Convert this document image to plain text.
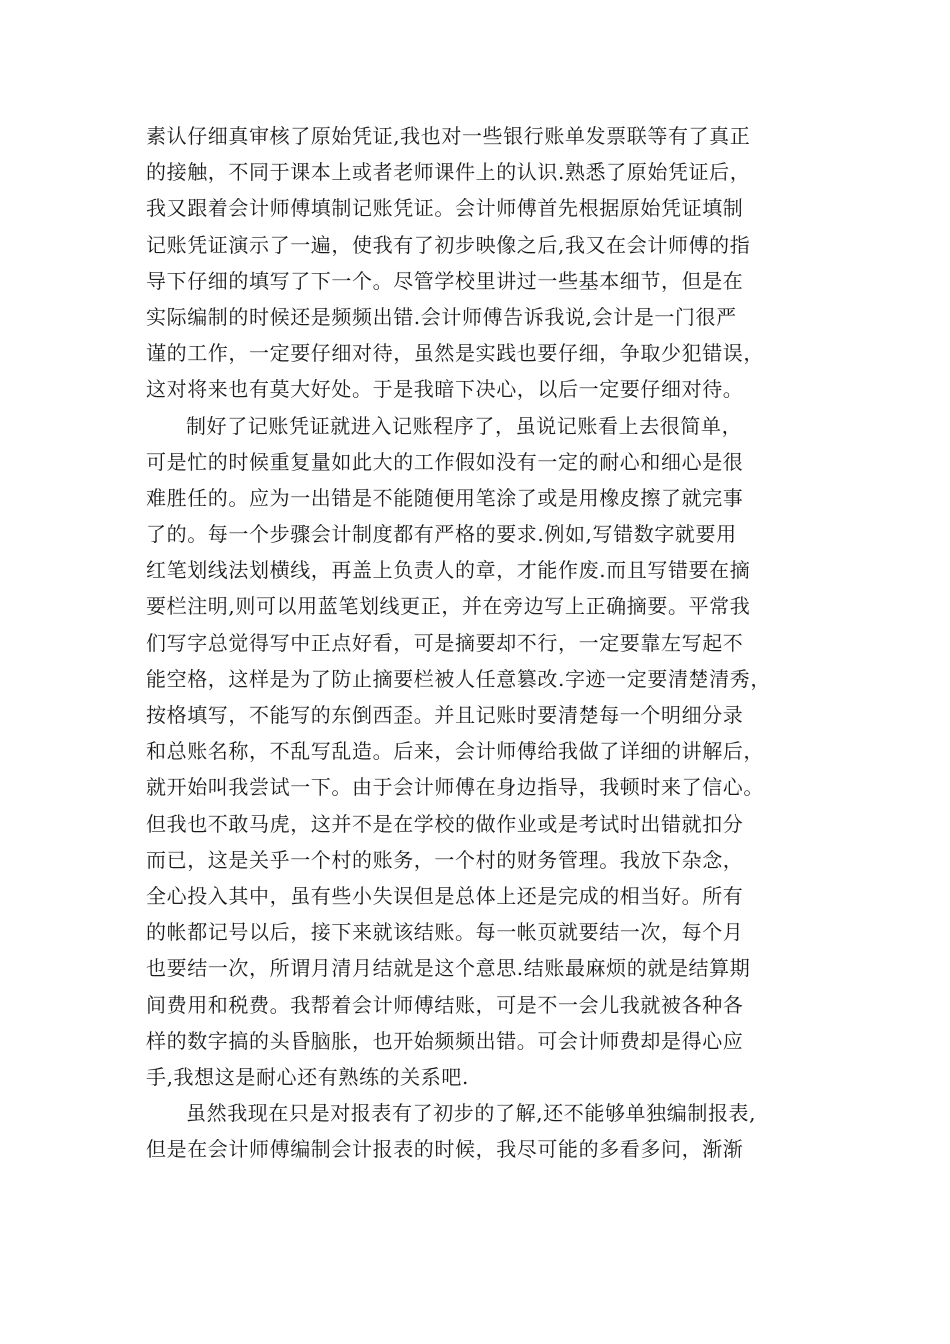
素认仔细真审核了原始凭证,我也对一些银行账单发票联等有了真正
的接触，不同于课本上或者老师课件上的认识.熟悉了原始凭证后，
我又跟着会计师傅填制记账凭证。会计师傅首先根据原始凭证填制
记账凭证演示了一遍，使我有了初步映像之后,我又在会计师傅的指
导下仔细的填写了下一个。尽管学校里讲过一些基本细节，但是在
实际编制的时候还是频频出错.会计师傅告诉我说,会计是一门很严
谨的工作，一定要仔细对待，虽然是实践也要仔细，争取少犯错误，
这对将来也有莫大好处。于是我暗下决心，以后一定要仔细对待。
制好了记账凭证就进入记账程序了，虽说记账看上去很简单，
可是忙的时候重复量如此大的工作假如没有一定的耐心和细心是很
难胜任的。应为一出错是不能随便用笔涂了或是用橡皮擦了就完事
了的。每一个步骤会计制度都有严格的要求.例如,写错数字就要用
红笔划线法划横线，再盖上负责人的章，才能作废.而且写错要在摘
要栏注明,则可以用蓝笔划线更正，并在旁边写上正确摘要。平常我
们写字总觉得写中正点好看，可是摘要却不行，一定要靠左写起不
能空格，这样是为了防止摘要栏被人任意篡改.字迹一定要清楚清秀，
按格填写，不能写的东倒西歪。并且记账时要清楚每一个明细分录
和总账名称，不乱写乱造。后来，会计师傅给我做了详细的讲解后，
就开始叫我尝试一下。由于会计师傅在身边指导，我顿时来了信心。
但我也不敢马虎，这并不是在学校的做作业或是考试时出错就扣分
而已，这是关乎一个村的账务，一个村的财务管理。我放下杂念，
全心投入其中，虽有些小失误但是总体上还是完成的相当好。所有
的帐都记号以后，接下来就该结账。每一帐页就要结一次，每个月
也要结一次，所谓月清月结就是这个意思.结账最麻烦的就是结算期
间费用和税费。我帮着会计师傅结账，可是不一会儿我就被各种各
样的数字搞的头昏脑胀，也开始频频出错。可会计师费却是得心应
手,我想这是耐心还有熟练的关系吧.
虽然我现在只是对报表有了初步的了解,还不能够单独编制报表,
但是在会计师傅编制会计报表的时候，我尽可能的多看多问，渐渐
